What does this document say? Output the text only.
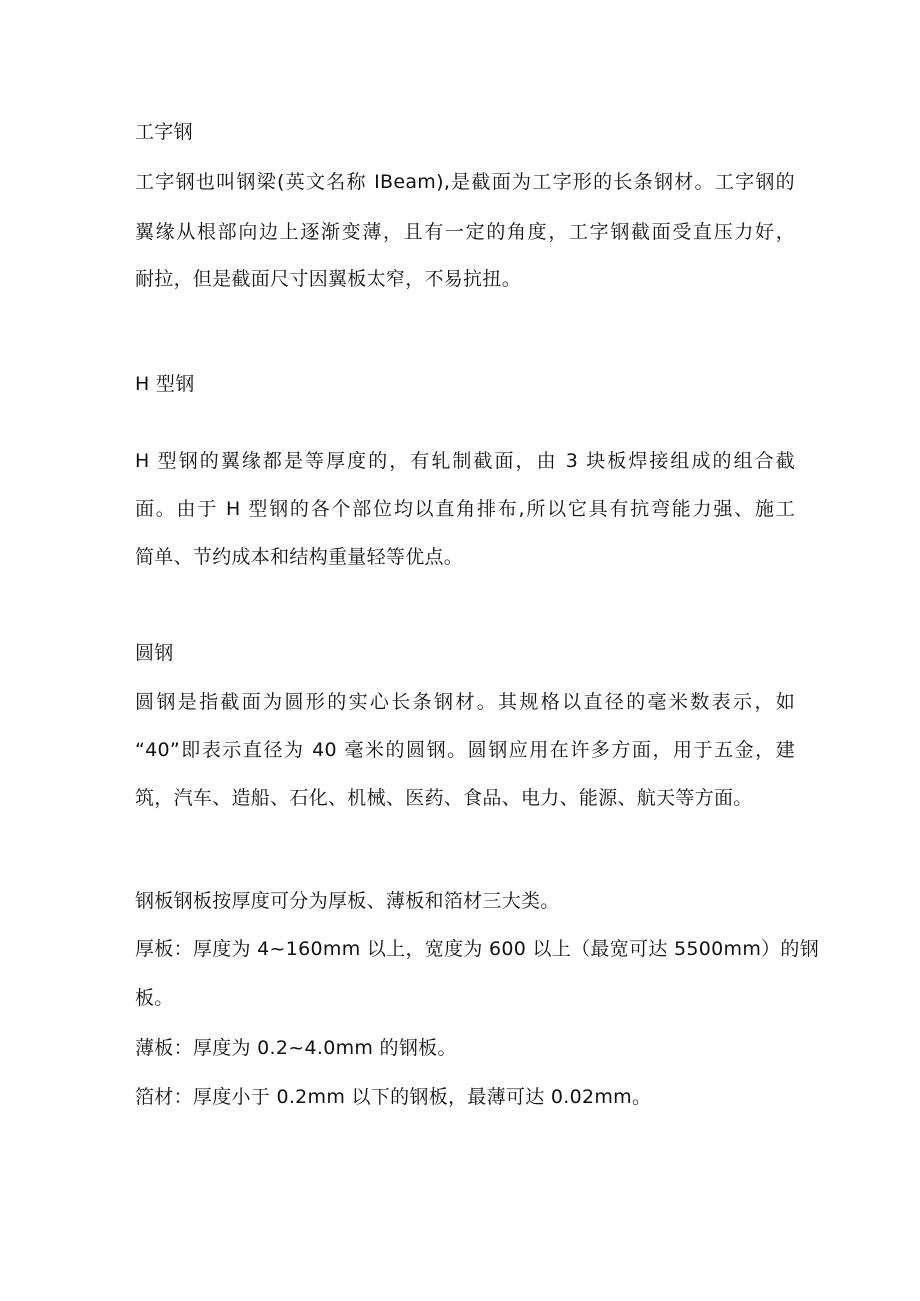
工字钢
工字钢也叫钢梁(英文名称 IBeam),是截面为工字形的长条钢材。工字钢的
翼缘从根部向边上逐渐变薄，且有一定的角度，工字钢截面受直压力好，
耐拉，但是截面尺寸因翼板太窄，不易抗扭。
H 型钢
H 型钢的翼缘都是等厚度的，有轧制截面，由 3 块板焊接组成的组合截
面。由于 H 型钢的各个部位均以直角排布,所以它具有抗弯能力强、施工
简单、节约成本和结构重量轻等优点。
圆钢
圆钢是指截面为圆形的实心长条钢材。其规格以直径的毫米数表示，如
“40”即表示直径为 40 毫米的圆钢。圆钢应用在许多方面，用于五金，建
筑，汽车、造船、石化、机械、医药、食品、电力、能源、航天等方面。
钢板钢板按厚度可分为厚板、薄板和箔材三大类。
厚板：厚度为 4~160mm 以上，宽度为 600 以上（最宽可达 5500mm）的钢
板。
薄板：厚度为 0.2~4.0mm 的钢板。
箔材：厚度小于 0.2mm 以下的钢板，最薄可达 0.02mm。
